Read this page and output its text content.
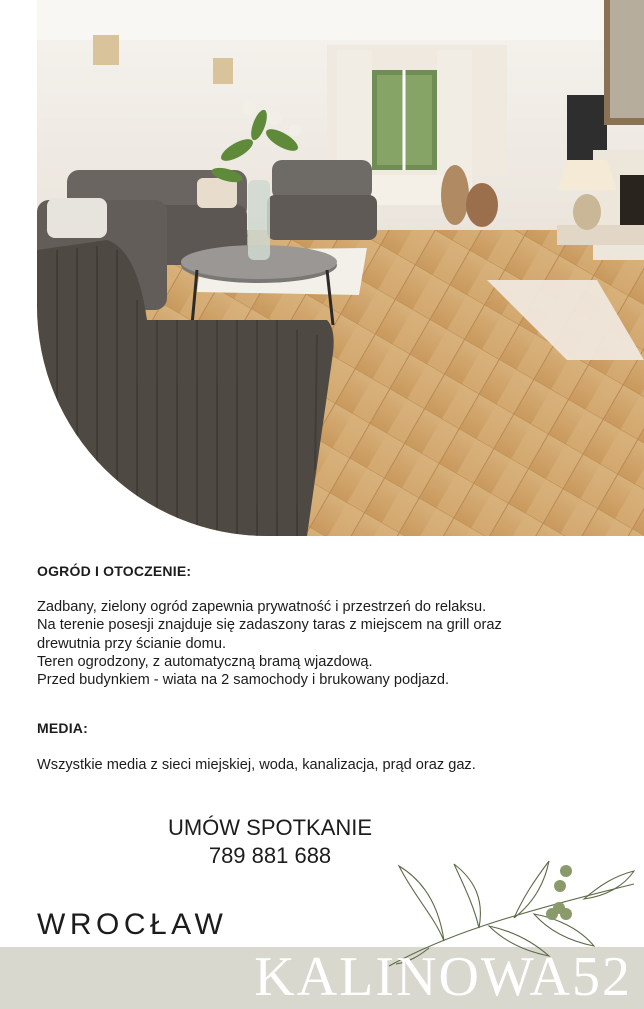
OGRÓD I OTOCZENIE:

Zadbany, zielony ogród zapewnia prywatność i przestrzeń do relaksu.

Na terenie posesji znajduje się zadaszony taras z miejscem na grill oraz

drewutnia przy ścianie domu.

Teren ogrodzony, z automatyczną bramą wjazdową.

Przed budynkiem - wiata na 2 samochody i brukowany podjazd.

MEDIA:
Wszystkie media z sieci miejskiej, woda, kanalizacja, prąd oraz gaz.
UMÓW SPOTKANIE
789 881 688
WROCŁAW
KALINOWA52
